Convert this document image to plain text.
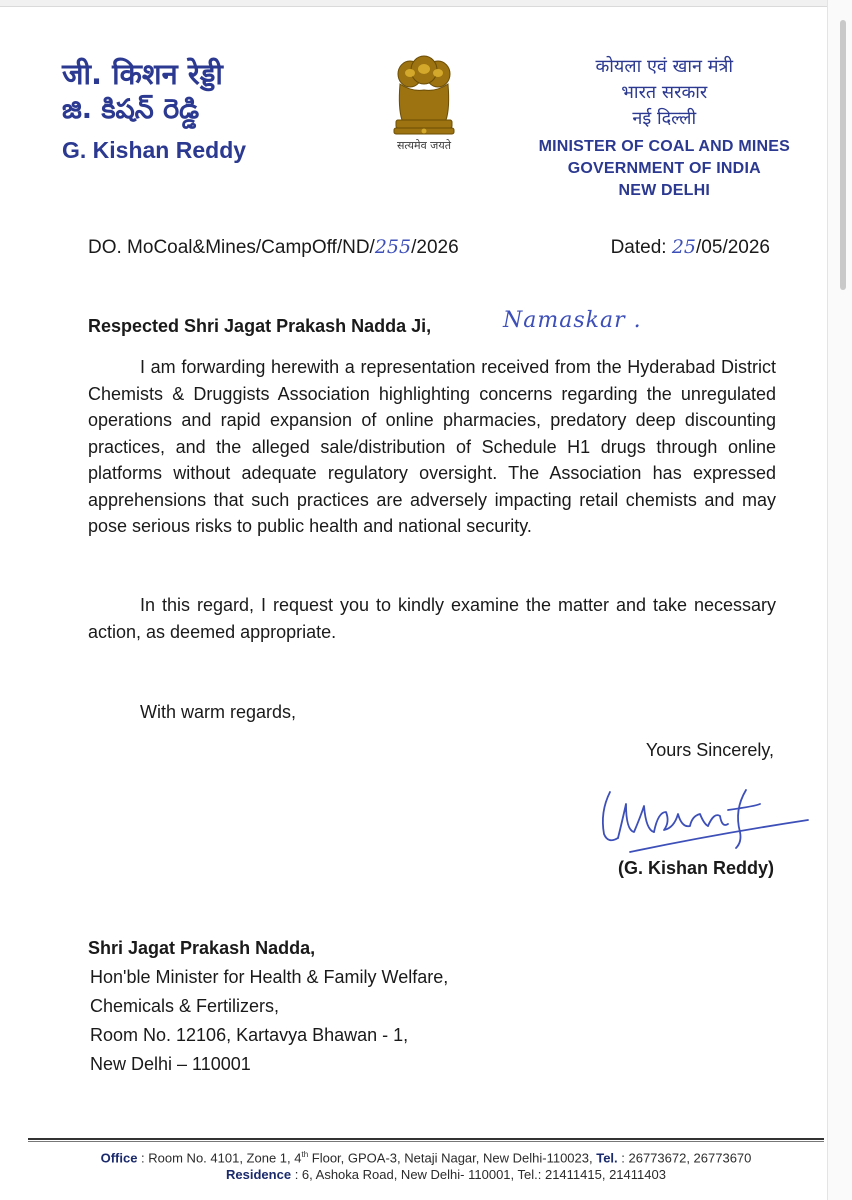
जी. किशन रेड्डी
జి. కిషన్ రెడ్డి
G. Kishan Reddy	सत्यमेव जयते
कोयला एवं खान मंत्री
भारत सरकार
नई दिल्ली
MINISTER OF COAL AND MINES
GOVERNMENT OF INDIA
NEW DELHI
DO. MoCoal&Mines/CampOff/ND/255/2026	Dated: 25/05/2026
Respected Shri Jagat Prakash Nadda Ji,	Namaskar .
I am forwarding herewith a representation received from the Hyderabad District Chemists & Druggists Association highlighting concerns regarding the unregulated operations and rapid expansion of online pharmacies, predatory deep discounting practices, and the alleged sale/distribution of Schedule H1 drugs through online platforms without adequate regulatory oversight. The Association has expressed apprehensions that such practices are adversely impacting retail chemists and may pose serious risks to public health and national security.
In this regard, I request you to kindly examine the matter and take necessary action, as deemed appropriate.
With warm regards,
Yours Sincerely,
(G. Kishan Reddy)
Shri Jagat Prakash Nadda,
Hon'ble Minister for Health & Family Welfare,
Chemicals & Fertilizers,
Room No. 12106, Kartavya Bhawan - 1,
New Delhi – 110001
Office : Room No. 4101, Zone 1, 4th Floor, GPOA-3, Netaji Nagar, New Delhi-110023, Tel. : 26773672, 26773670
Residence : 6, Ashoka Road, New Delhi- 110001, Tel.: 21411415, 21411403
